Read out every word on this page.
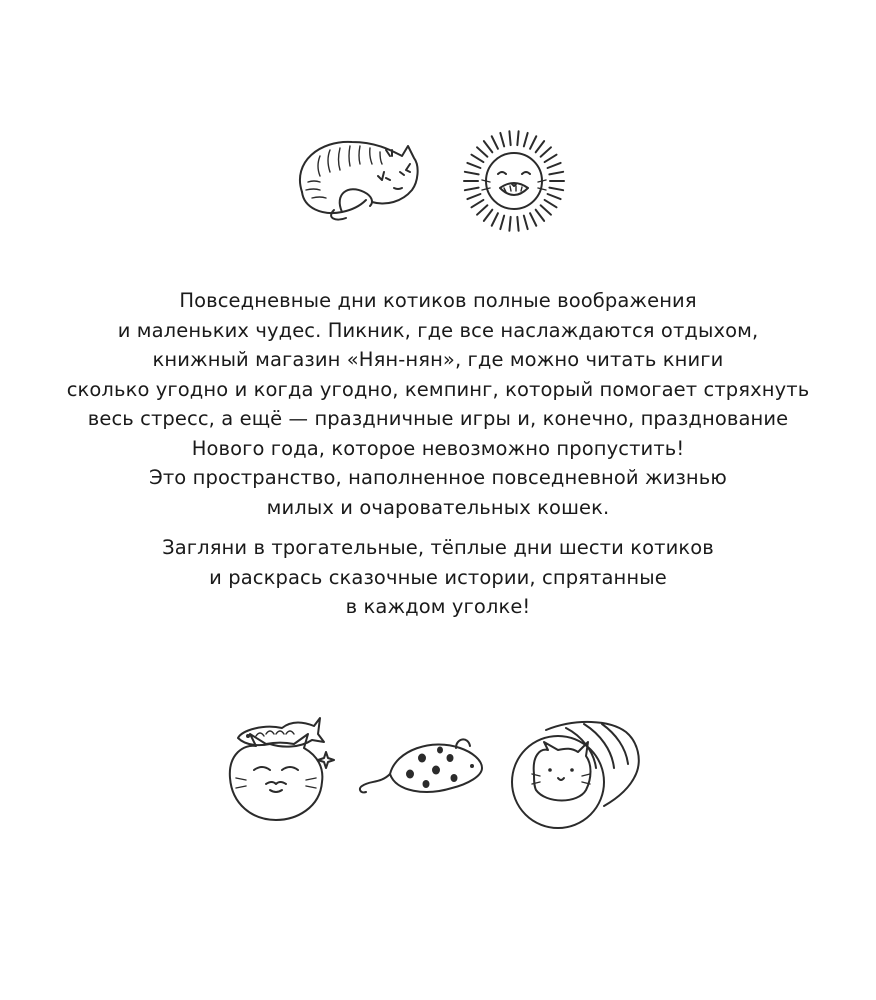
Повседневные дни котиков полные воображения
и маленьких чудес. Пикник, где все наслаждаются отдыхом,
книжный магазин «Нян-нян», где можно читать книги
сколько угодно и когда угодно, кемпинг, который помогает стряхнуть
весь стресс, а ещё — праздничные игры и, конечно, празднование
Нового года, которое невозможно пропустить!
Это пространство, наполненное повседневной жизнью
милых и очаровательных кошек.
Загляни в трогательные, тёплые дни шести котиков
и раскрась сказочные истории, спрятанные
в каждом уголке!
